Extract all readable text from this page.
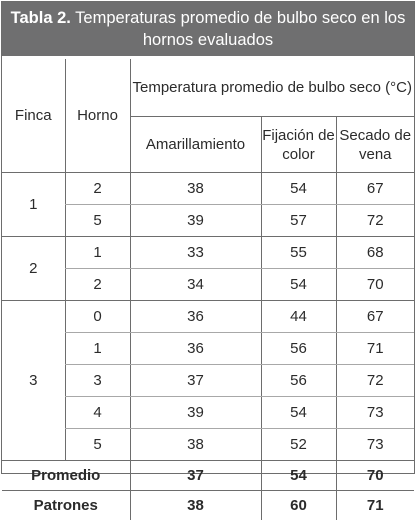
Tabla 2. Temperaturas promedio de bulbo seco en los hornos evaluados
Finca	Horno	Temperatura promedio de bulbo seco (°C)		
		Amarillamiento	Fijación de color	Secado de vena
1	2	38	54	67
	5	39	57	72
2	1	33	55	68
	2	34	54	70
3	0	36	44	67
	1	36	56	71
	3	37	56	72
	4	39	54	73
	5	38	52	73
Promedio		37	54	70
Patrones		38	60	71
